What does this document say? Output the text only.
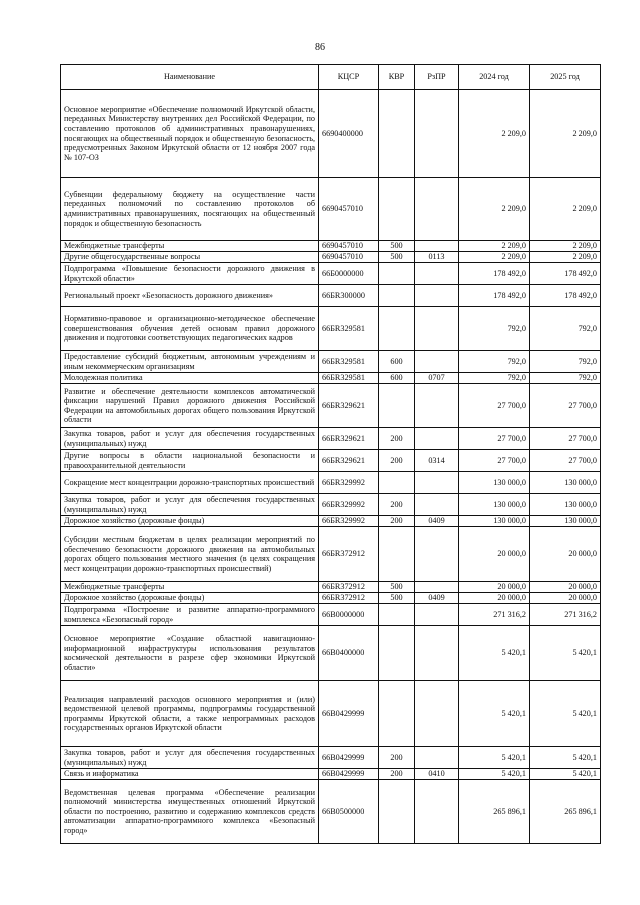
86
Наименование	КЦСР	КВР	РзПР	2024 год	2025 год
Основное мероприятие «Обеспечение полномочий Иркутской области, переданных Министерству внутренних дел Российской Федерации, по составлению протоколов об административных правонарушениях, посягающих на общественный порядок и общественную безопасность, предусмотренных Законом Иркутской области от 12 ноября 2007 года № 107-ОЗ	6690400000			2 209,0	2 209,0
Субвенции федеральному бюджету на осуществление части переданных полномочий по составлению протоколов об административных правонарушениях, посягающих на общественный порядок и общественную безопасность	6690457010			2 209,0	2 209,0
Межбюджетные трансферты	6690457010	500		2 209,0	2 209,0
Другие общегосударственные вопросы	6690457010	500	0113	2 209,0	2 209,0
Подпрограмма «Повышение безопасности дорожного движения в Иркутской области»	66Б0000000			178 492,0	178 492,0
Региональный проект «Безопасность дорожного движения»	66БR300000			178 492,0	178 492,0
Нормативно-правовое и организационно-методическое обеспечение совершенствования обучения детей основам правил дорожного движения и подготовки соответствующих педагогических кадров	66БR329581			792,0	792,0
Предоставление субсидий бюджетным, автономным учреждениям и иным некоммерческим организациям	66БR329581	600		792,0	792,0
Молодежная политика	66БR329581	600	0707	792,0	792,0
Развитие и обеспечение деятельности комплексов автоматической фиксации нарушений Правил дорожного движения Российской Федерации на автомобильных дорогах общего пользования Иркутской области	66БR329621			27 700,0	27 700,0
Закупка товаров, работ и услуг для обеспечения государственных (муниципальных) нужд	66БR329621	200		27 700,0	27 700,0
Другие вопросы в области национальной безопасности и правоохранительной деятельности	66БR329621	200	0314	27 700,0	27 700,0
Сокращение мест концентрации дорожно-транспортных происшествий	66БR329992			130 000,0	130 000,0
Закупка товаров, работ и услуг для обеспечения государственных (муниципальных) нужд	66БR329992	200		130 000,0	130 000,0
Дорожное хозяйство (дорожные фонды)	66БR329992	200	0409	130 000,0	130 000,0
Субсидии местным бюджетам в целях реализации мероприятий по обеспечению безопасности дорожного движения на автомобильных дорогах общего пользования местного значения (в целях сокращения мест концентрации дорожно-транспортных происшествий)	66БR372912			20 000,0	20 000,0
Межбюджетные трансферты	66БR372912	500		20 000,0	20 000,0
Дорожное хозяйство (дорожные фонды)	66БR372912	500	0409	20 000,0	20 000,0
Подпрограмма «Построение и развитие аппаратно-программного комплекса «Безопасный город»	66В0000000			271 316,2	271 316,2
Основное мероприятие «Создание областной навигационно-информационной инфраструктуры использования результатов космической деятельности в разрезе сфер экономики Иркутской области»	66В0400000			5 420,1	5 420,1
Реализация направлений расходов основного мероприятия и (или) ведомственной целевой программы, подпрограммы государственной программы Иркутской области, а также непрограммных расходов государственных органов Иркутской области	66В0429999			5 420,1	5 420,1
Закупка товаров, работ и услуг для обеспечения государственных (муниципальных) нужд	66В0429999	200		5 420,1	5 420,1
Связь и информатика	66В0429999	200	0410	5 420,1	5 420,1
Ведомственная целевая программа «Обеспечение реализации полномочий министерства имущественных отношений Иркутской области по построению, развитию и содержанию комплексов средств автоматизации аппаратно-программного комплекса «Безопасный город»	66В0500000			265 896,1	265 896,1
